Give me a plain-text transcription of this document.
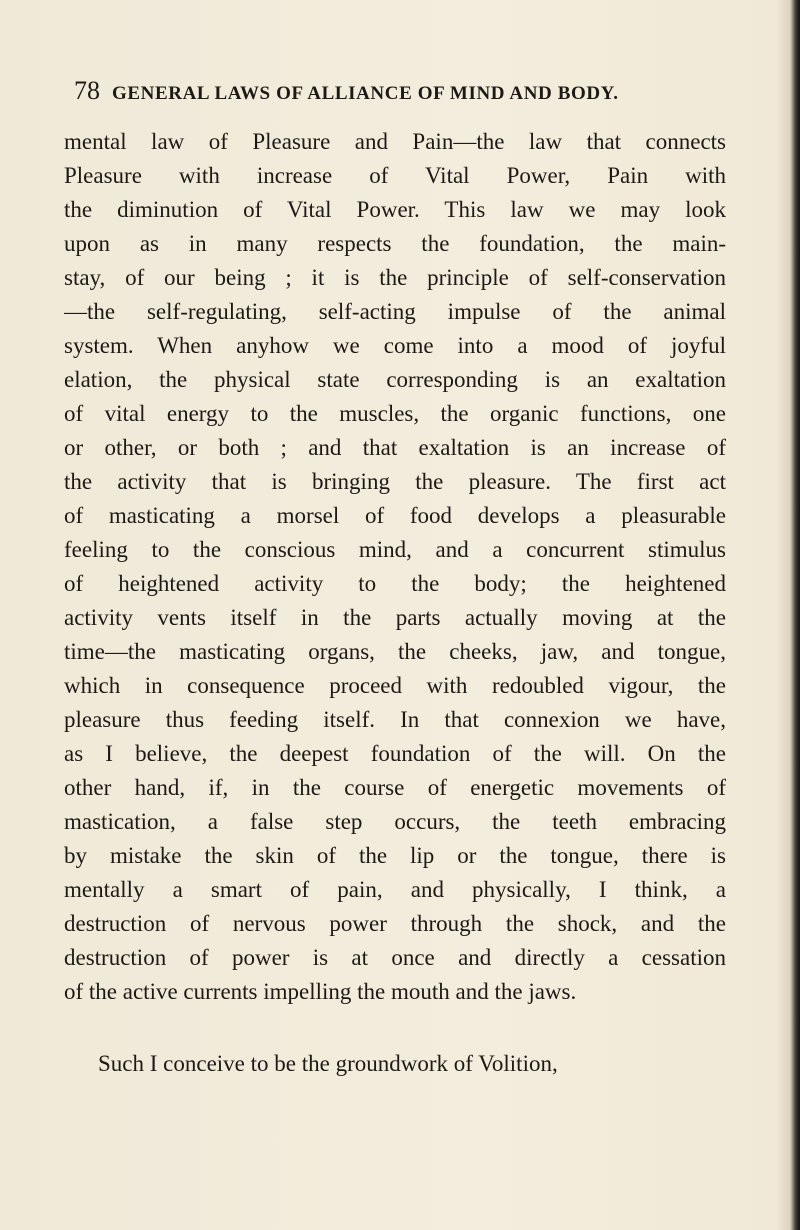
78 GENERAL LAWS OF ALLIANCE OF MIND AND BODY.
mental law of Pleasure and Pain—the law that connects
Pleasure with increase of Vital Power, Pain with
the diminution of Vital Power. This law we may look
upon as in many respects the foundation, the main-
stay, of our being ; it is the principle of self-conservation
—the self-regulating, self-acting impulse of the animal
system. When anyhow we come into a mood of joyful
elation, the physical state corresponding is an exaltation
of vital energy to the muscles, the organic functions, one
or other, or both ; and that exaltation is an increase of
the activity that is bringing the pleasure. The first act
of masticating a morsel of food develops a pleasurable
feeling to the conscious mind, and a concurrent stimulus
of heightened activity to the body; the heightened
activity vents itself in the parts actually moving at the
time—the masticating organs, the cheeks, jaw, and tongue,
which in consequence proceed with redoubled vigour, the
pleasure thus feeding itself. In that connexion we have,
as I believe, the deepest foundation of the will. On the
other hand, if, in the course of energetic movements of
mastication, a false step occurs, the teeth embracing
by mistake the skin of the lip or the tongue, there is
mentally a smart of pain, and physically, I think, a
destruction of nervous power through the shock, and the
destruction of power is at once and directly a cessation
of the active currents impelling the mouth and the jaws.
Such I conceive to be the groundwork of Volition,
